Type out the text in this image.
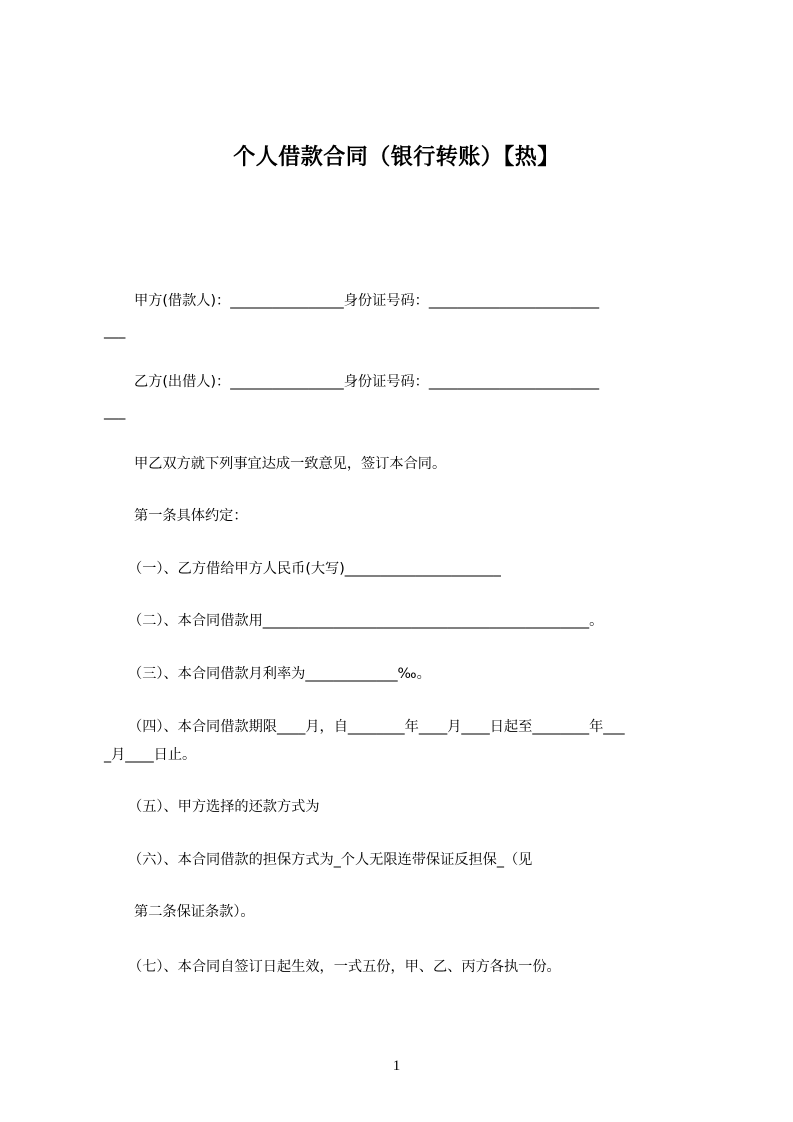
个人借款合同（银行转账）【热】
甲方(借款人)：________________身份证号码：________________________
___
乙方(出借人)：________________身份证号码：________________________
___
甲乙双方就下列事宜达成一致意见，签订本合同。
第一条具体约定：
（一）、乙方借给甲方人民币(大写)______________________
（二）、本合同借款用______________________________________________。
（三）、本合同借款月利率为_____________‰。
（四）、本合同借款期限____月，自________年____月____日起至________年___
_月____日止。
（五）、甲方选择的还款方式为
（六）、本合同借款的担保方式为_个人无限连带保证反担保_（见
第二条保证条款）。
（七）、本合同自签订日起生效，一式五份，甲、乙、丙方各执一份。
1
